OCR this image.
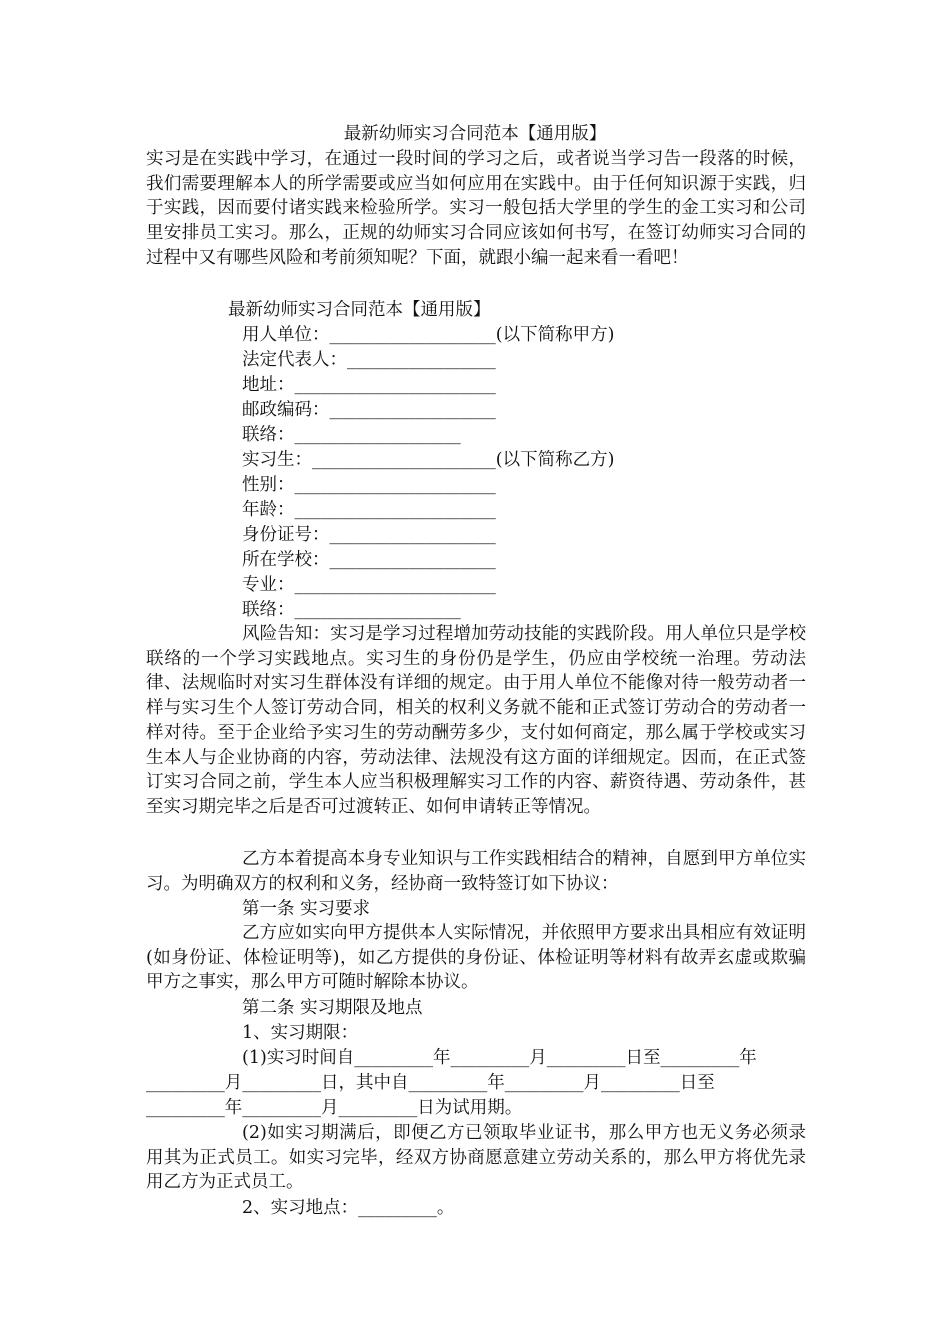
最新幼师实习合同范本【通用版】

实习是在实践中学习，在通过一段时间的学习之后，或者说当学习告一段落的时候，我们需要理解本人的所学需要或应当如何应用在实践中。由于任何知识源于实践，归于实践，因而要付诸实践来检验所学。实习一般包括大学里的学生的金工实习和公司里安排员工实习。那么，正规的幼师实习合同应该如何书写，在签订幼师实习合同的过程中又有哪些风险和考前须知呢？下面，就跟小编一起来看一看吧！

最新幼师实习合同范本【通用版】
用人单位：___________________(以下简称甲方)
法定代表人：_________________
地址：_______________________
邮政编码：___________________
联络：___________________
实习生：_____________________(以下简称乙方)
性别：_______________________
年龄：_______________________
身份证号：___________________
所在学校：___________________
专业：_______________________
联络：___________________

风险告知：实习是学习过程增加劳动技能的实践阶段。用人单位只是学校联络的一个学习实践地点。实习生的身份仍是学生，仍应由学校统一治理。劳动法律、法规临时对实习生群体没有详细的规定。由于用人单位不能像对待一般劳动者一样与实习生个人签订劳动合同，相关的权利义务就不能和正式签订劳动合的劳动者一样对待。至于企业给予实习生的劳动酬劳多少，支付如何商定，那么属于学校或实习生本人与企业协商的内容，劳动法律、法规没有这方面的详细规定。因而，在正式签订实习合同之前，学生本人应当积极理解实习工作的内容、薪资待遇、劳动条件，甚至实习期完毕之后是否可过渡转正、如何申请转正等情况。

乙方本着提高本身专业知识与工作实践相结合的精神，自愿到甲方单位实习。为明确双方的权利和义务，经协商一致特签订如下协议：

第一条 实习要求

乙方应如实向甲方提供本人实际情况，并依照甲方要求出具相应有效证明(如身份证、体检证明等)，如乙方提供的身份证、体检证明等材料有故弄玄虚或欺骗甲方之事实，那么甲方可随时解除本协议。

第二条 实习期限及地点
1、实习期限：
(1)实习时间自_________年_________月_________日至_________年
_________月_________日，其中自_________年_________月_________日至
_________年_________月_________日为试用期。

(2)如实习期满后，即便乙方已领取毕业证书，那么甲方也无义务必须录用其为正式员工。如实习完毕，经双方协商愿意建立劳动关系的，那么甲方将优先录用乙方为正式员工。

2、实习地点：_________。
